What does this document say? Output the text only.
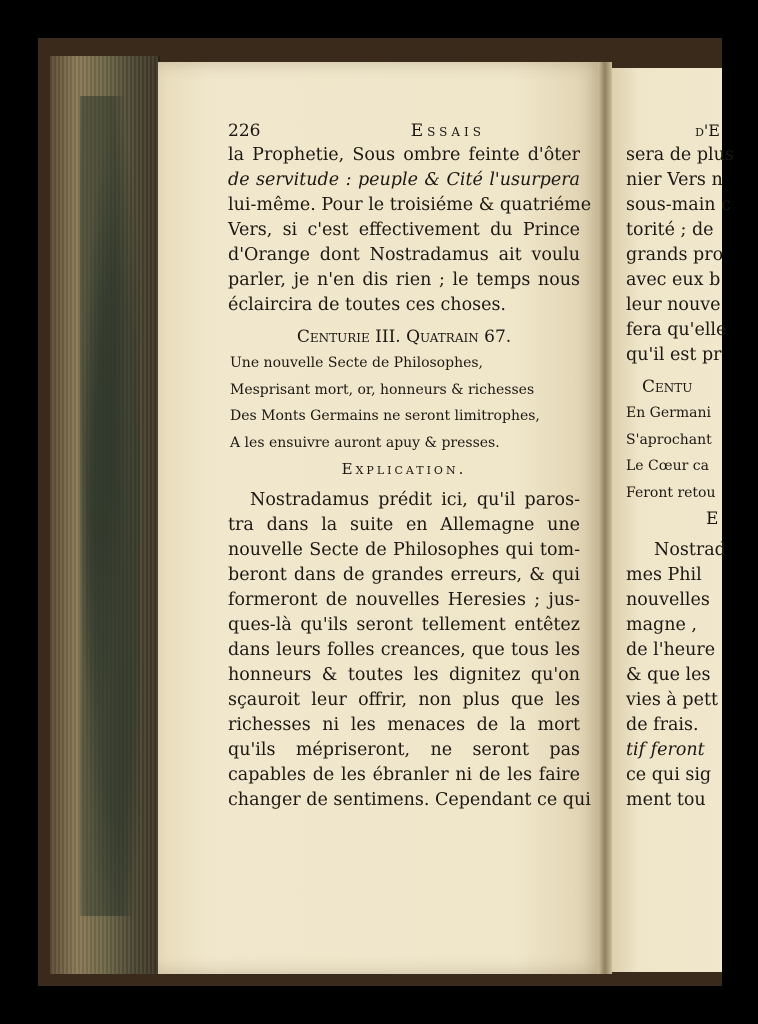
226	Essais
la Prophetie, Sous ombre feinte d'ôter
de servitude : peuple & Cité l'usurpera
lui-même. Pour le troisiéme & quatriéme
Vers, si c'est effectivement du Prince
d'Orange dont Nostradamus ait voulu
parler, je n'en dis rien ; le temps nous
éclaircira de toutes ces choses.
Centurie III. Quatrain 67.
Une nouvelle Secte de Philosophes,
Mesprisant mort, or, honneurs & richesses
Des Monts Germains ne seront limitrophes,
A les ensuivre auront apuy & presses.
Explication.
Nostradamus prédit ici, qu'il paros-
tra dans la suite en Allemagne une
nouvelle Secte de Philosophes qui tom-
beront dans de grandes erreurs, & qui
formeront de nouvelles Heresies ; jus-
ques-là qu'ils seront tellement entêtez
dans leurs folles creances, que tous les
honneurs & toutes les dignitez qu'on
sçauroit leur offrir, non plus que les
richesses ni les menaces de la mort
qu'ils mépriseront, ne seront pas
capables de les ébranler ni de les faire
changer de sentimens. Cependant ce qui
d'E
sera de plus
nier Vers n
sous-main c
torité ; de
grands pro
avec eux b
leur nouve
fera qu'elle
qu'il est pr
Centu
En Germani
S'aprochant
Le Cœur ca
Feront retou
E
Nostrad
mes Phil
nouvelles
magne ,
de l'heure
& que les
vies à pett
de frais.
tif feront
ce qui sig
ment tou
